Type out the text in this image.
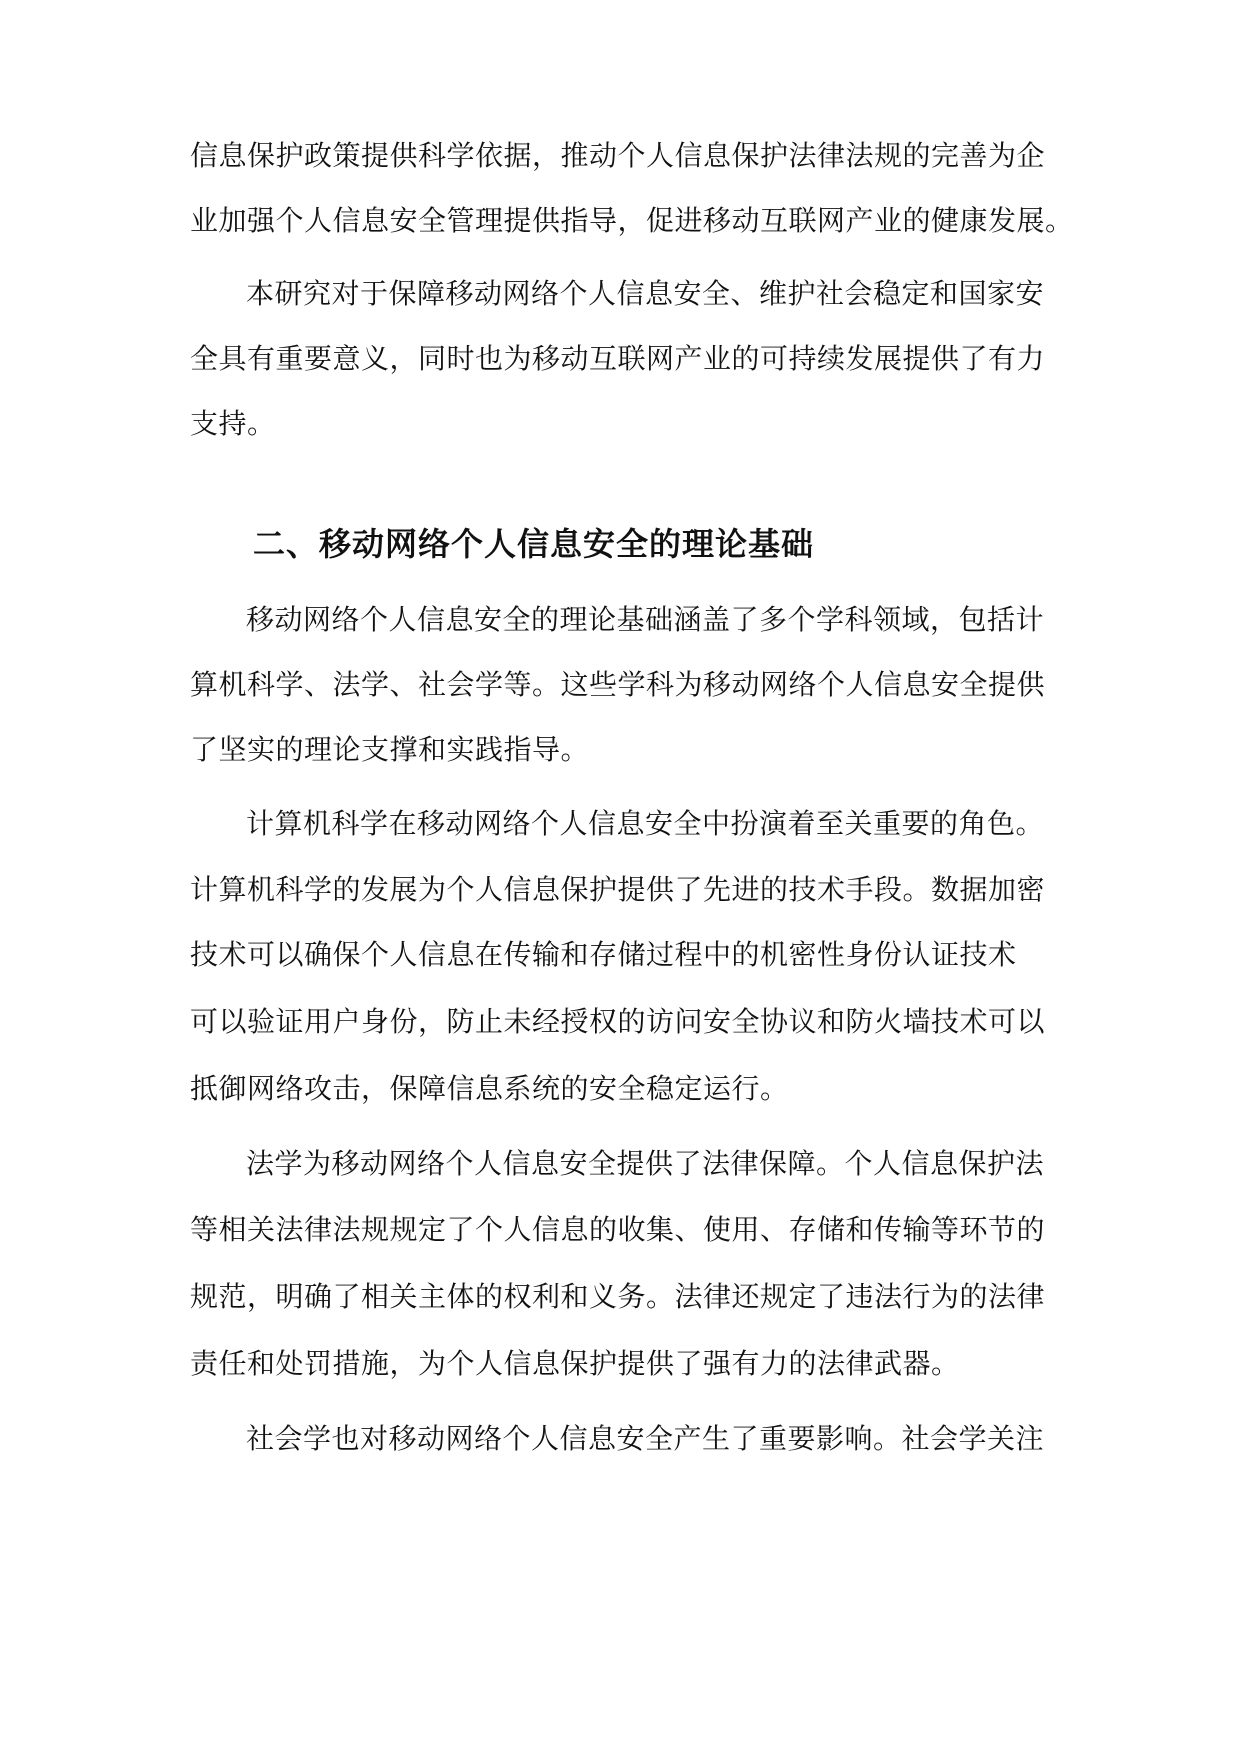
信息保护政策提供科学依据，推动个人信息保护法律法规的完善为企
业加强个人信息安全管理提供指导，促进移动互联网产业的健康发展。
本研究对于保障移动网络个人信息安全、维护社会稳定和国家安
全具有重要意义，同时也为移动互联网产业的可持续发展提供了有力
支持。
二、移动网络个人信息安全的理论基础
移动网络个人信息安全的理论基础涵盖了多个学科领域，包括计
算机科学、法学、社会学等。这些学科为移动网络个人信息安全提供
了坚实的理论支撑和实践指导。
计算机科学在移动网络个人信息安全中扮演着至关重要的角色。
计算机科学的发展为个人信息保护提供了先进的技术手段。数据加密
技术可以确保个人信息在传输和存储过程中的机密性身份认证技术
可以验证用户身份，防止未经授权的访问安全协议和防火墙技术可以
抵御网络攻击，保障信息系统的安全稳定运行。
法学为移动网络个人信息安全提供了法律保障。个人信息保护法
等相关法律法规规定了个人信息的收集、使用、存储和传输等环节的
规范，明确了相关主体的权利和义务。法律还规定了违法行为的法律
责任和处罚措施，为个人信息保护提供了强有力的法律武器。
社会学也对移动网络个人信息安全产生了重要影响。社会学关注
